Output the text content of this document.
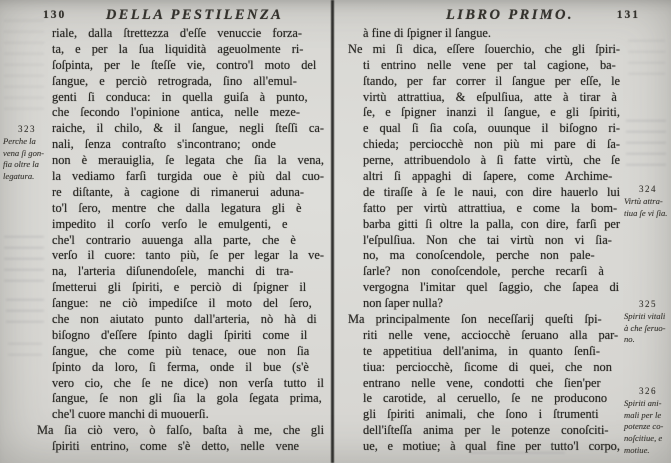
130	DELLA PESTILENZA
riale, dalla ſtrettezza d'eſſe venuccie forza-
ta, e per la ſua liquidità ageuolmente ri-
ſoſpinta, per le ſteſſe vie, contro'l moto del
ſangue, e perciò retrograda, ſino all'emul-
genti ſi conduca: in quella guiſa à punto,
che ſecondo l'opinione antica, nelle meze-
raiche, il chilo, & il ſangue, negli ſteſſi ca-
nali, ſenza contraſto s'incontrano; onde
non è merauiglia, ſe legata che ſia la vena,
la vediamo farſi turgida oue è più dal cuo-
re diſtante, à cagione di rimanerui aduna-
to'l ſero, mentre che dalla legatura gli è
impedito il corſo verſo le emulgenti, e
che'l contrario auuenga alla parte, che è
verſo il cuore: tanto più, ſe per legar la ve-
na, l'arteria diſunendoſele, manchi di tra-
ſmetterui gli ſpiriti, e perciò di ſpigner il
ſangue: ne ciò impediſce il moto del ſero,
che non aiutato punto dall'arteria, nò hà di
biſogno d'eſſere ſpinto dagli ſpiriti come il
ſangue, che come più tenace, oue non ſia
ſpinto da loro, ſi ferma, onde il bue (s'è
vero cio, che ſe ne dice) non verſa tutto il
ſangue, ſe non gli ſia la gola ſegata prima,
che'l cuore manchi di muouerſi.
Ma ſia ciò vero, ò falſo, baſta à me, che gli
ſpiriti entrino, come s'è detto, nelle vene
323
Perche la
vena ſi gon-
fia oltre la
legatura.
LIBRO PRIMO.	131
à fine di ſpigner il ſangue.
Ne mi ſi dica, eſſere ſouerchio, che gli ſpiri-
ti entrino nelle vene per tal cagione, ba-
ſtando, per far correr il ſangue per eſſe, le
virtù attrattiua, & eſpulſiua, atte à tirar à
ſe, e ſpigner inanzi il ſangue, e gli ſpiriti,
e qual ſi ſia coſa, ouunque il biſogno ri-
chieda; perciocchè non più mi pare di ſa-
perne, attribuendolo à ſi fatte virtù, che ſe
altri ſi appaghi di ſapere, come Archime-
de tiraſſe à ſe le naui, con dire hauerlo lui
fatto per virtù attrattiua, e come la bom-
barba gitti ſi oltre la palla, con dire, farſi per
l'eſpulſiua. Non che tai virtù non vi ſia-
no, ma conoſcendole, perche non pale-
ſarle? non conoſcendole, perche recarſi à
vergogna l'imitar quel ſaggio, che ſapea di
non ſaper nulla?
Ma principalmente ſon neceſſarij queſti ſpi-
riti nelle vene, acciocchè ſeruano alla par-
te appetitiua dell'anima, in quanto ſenſi-
tiua: perciocchè, ſicome di quei, che non
entrano nelle vene, condotti che ſien'per
le carotide, al ceruello, ſe ne producono
gli ſpiriti animali, che ſono i ſtrumenti
dell'iſteſſa anima per le potenze conoſciti-
ue, e motiue; à qual fine per tutto'l corpo,
324
Virtù attra-
tiua ſe vi ſia.
325
Spiriti vitali
à che ſeruo-
no.
326
Spiriti ani-
mali per le
potenze co-
noſcitiue, e
motiue.
